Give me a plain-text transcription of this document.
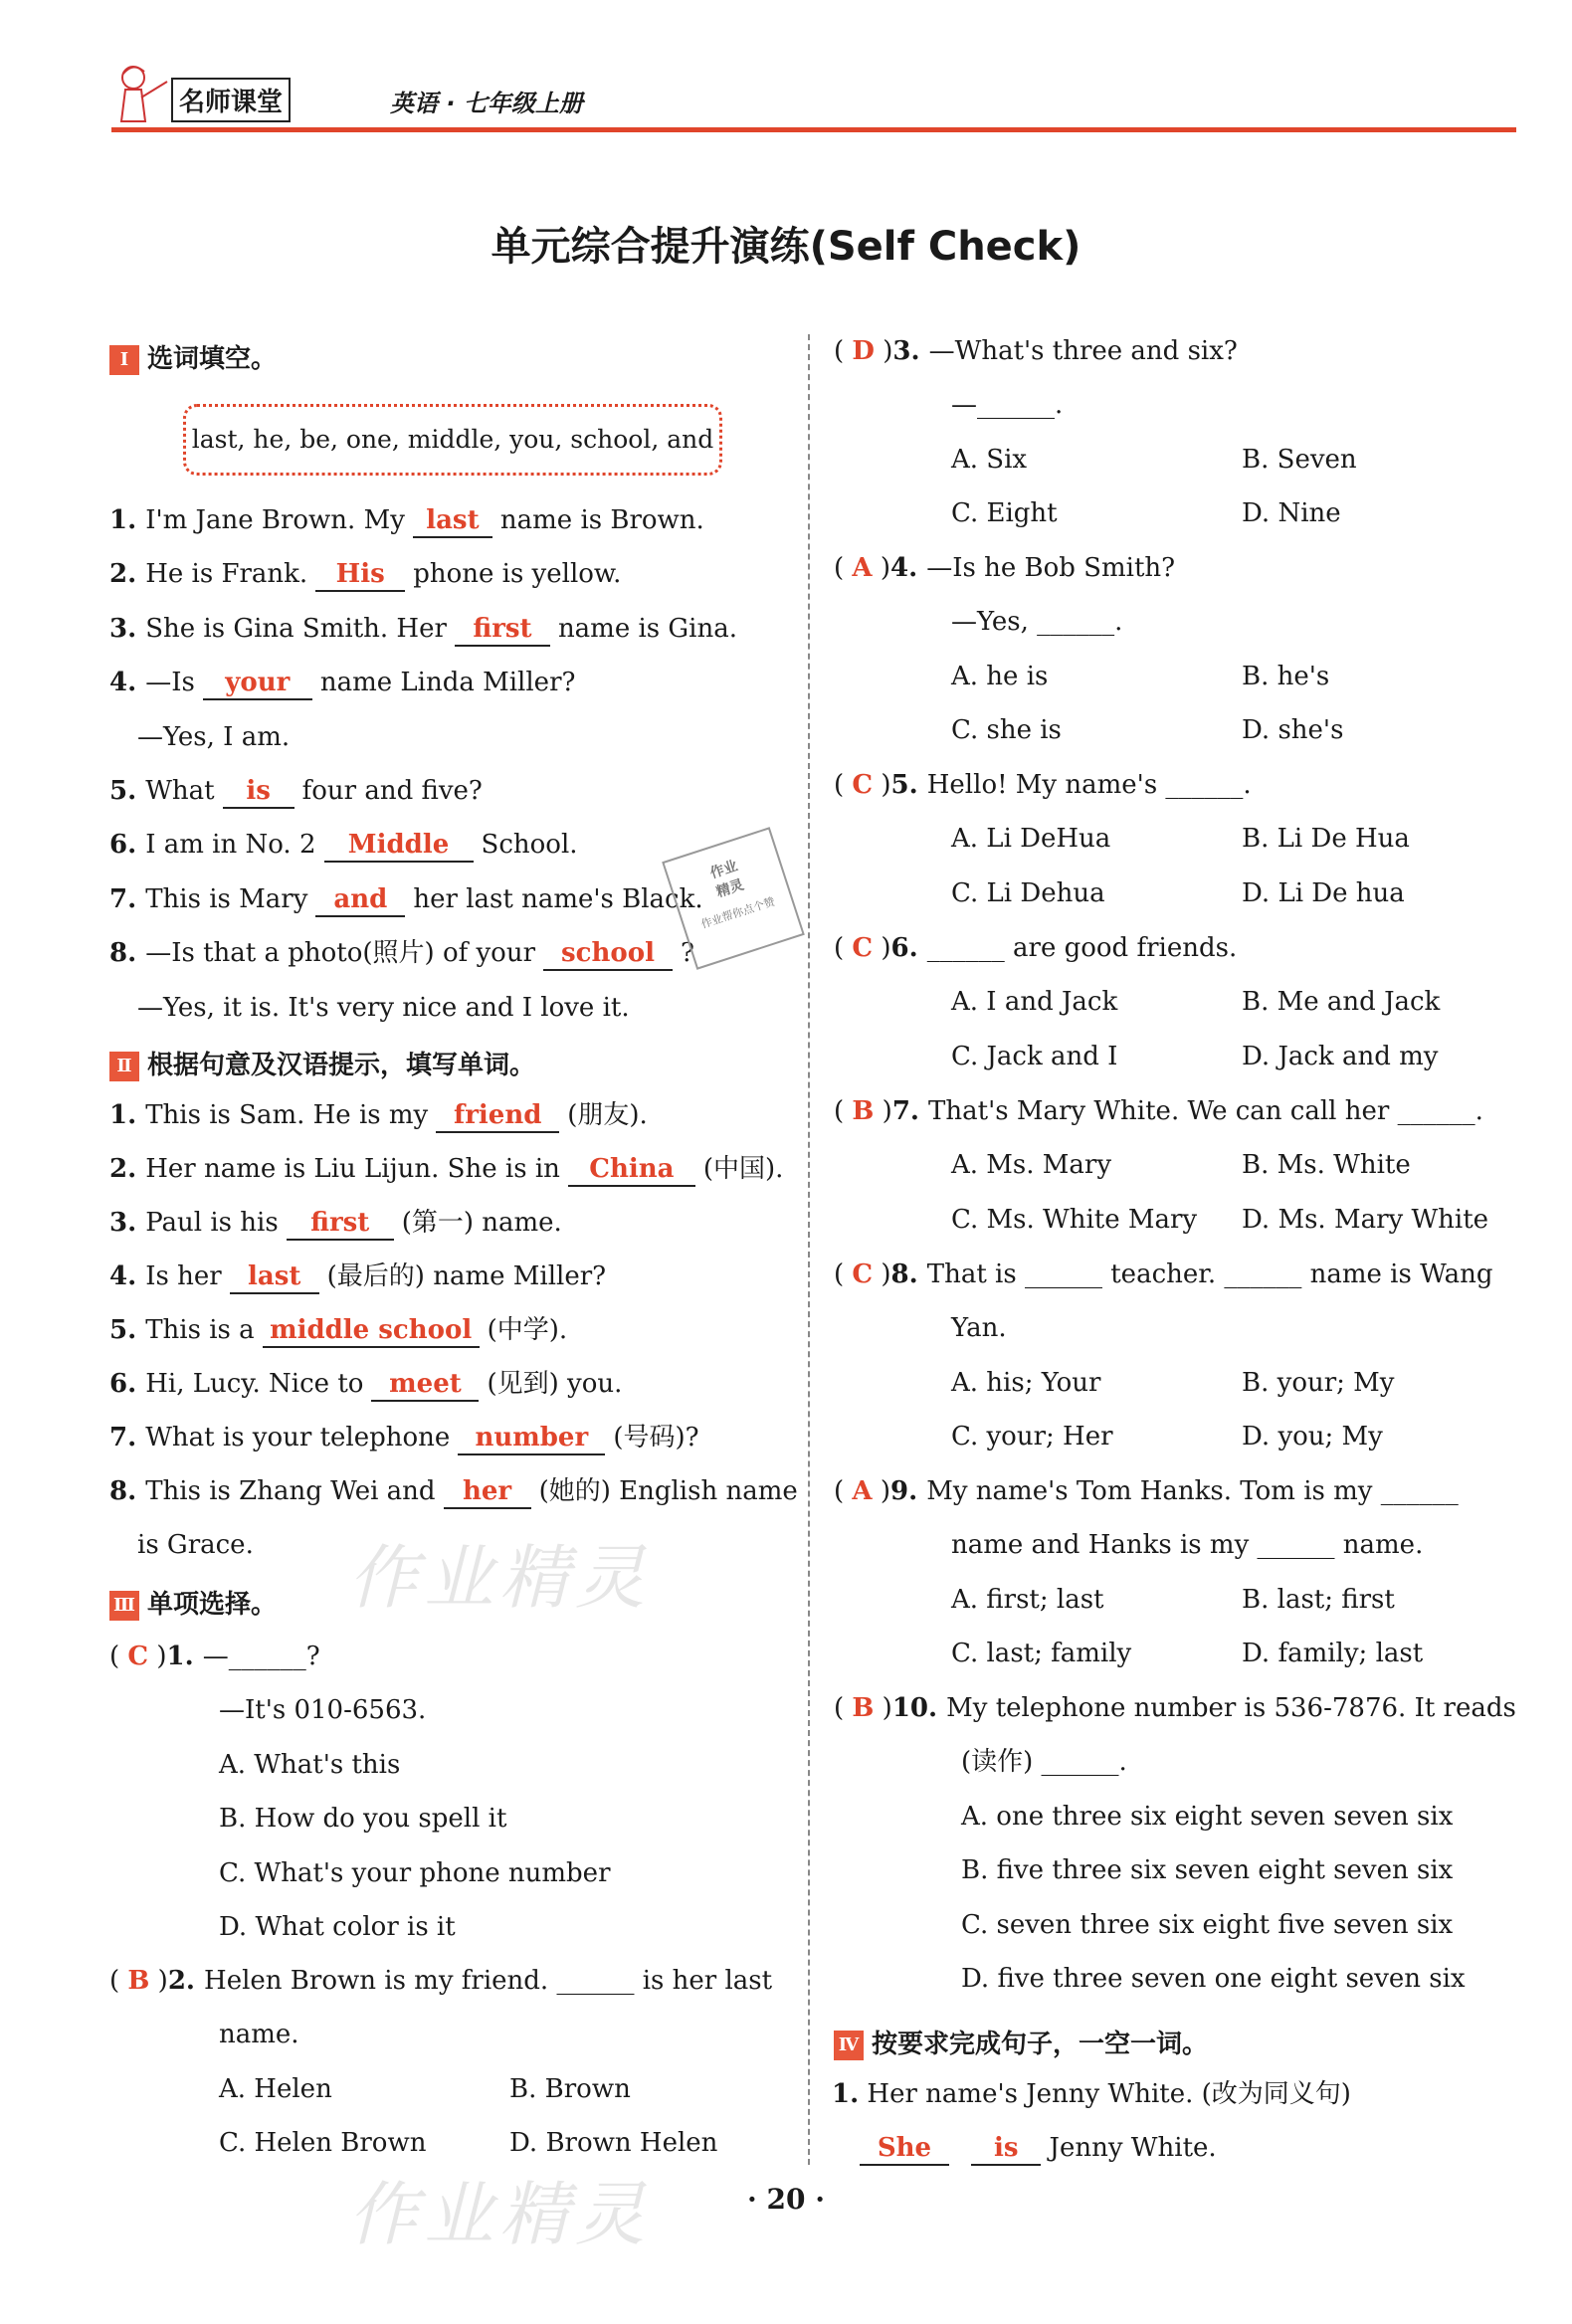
名师课堂	英语 · 七年级上册
单元综合提升演练(Self Check)
Ⅰ 选词填空。
last, he, be, one, middle, you, school, and
1. I'm Jane Brown. My last name is Brown.
2. He is Frank. His phone is yellow.
3. She is Gina Smith. Her first name is Gina.
4. —Is your name Linda Miller?
—Yes, I am.
5. What is four and five?
6. I am in No. 2 Middle School.
7. This is Mary and her last name's Black.
8. —Is that a photo(照片) of your school ?
—Yes, it is. It's very nice and I love it.
Ⅱ 根据句意及汉语提示，填写单词。
1. This is Sam. He is my friend (朋友).
2. Her name is Liu Lijun. She is in China (中国).
3. Paul is his first (第一) name.
4. Is her last (最后的) name Miller?
5. This is a middle school (中学).
6. Hi, Lucy. Nice to meet (见到) you.
7. What is your telephone number (号码)?
8. This is Zhang Wei and her (她的) English name
is Grace.
Ⅲ 单项选择。
( C )1. —______?
—It's 010-6563.
A. What's this
B. How do you spell it
C. What's your phone number
D. What color is it
( B )2. Helen Brown is my friend. ______ is her last
name.
A. Helen	B. Brown
C. Helen Brown	D. Brown Helen
( D )3. —What's three and six?
—______.
A. Six	B. Seven
C. Eight	D. Nine
( A )4. —Is he Bob Smith?
—Yes, ______.
A. he is	B. he's
C. she is	D. she's
( C )5. Hello! My name's ______.
A. Li DeHua	B. Li De Hua
C. Li Dehua	D. Li De hua
( C )6. ______ are good friends.
A. I and Jack	B. Me and Jack
C. Jack and I	D. Jack and my
( B )7. That's Mary White. We can call her ______.
A. Ms. Mary	B. Ms. White
C. Ms. White Mary D. Ms. Mary White
( C )8. That is ______ teacher. ______ name is Wang
Yan.
A. his; Your	B. your; My
C. your; Her	D. you; My
( A )9. My name's Tom Hanks. Tom is my ______
name and Hanks is my ______ name.
A. first; last	B. last; first
C. last; family	D. family; last
( B )10. My telephone number is 536-7876. It reads
(读作) ______.
A. one three six eight seven seven six
B. five three six seven eight seven six
C. seven three six eight five seven six
D. five three seven one eight seven six
Ⅳ 按要求完成句子，一空一词。
1. Her name's Jenny White. (改为同义句)
She is Jenny White.
作业
精灵
作业帮你点个赞
作业精灵
作业精灵	· 20 ·
